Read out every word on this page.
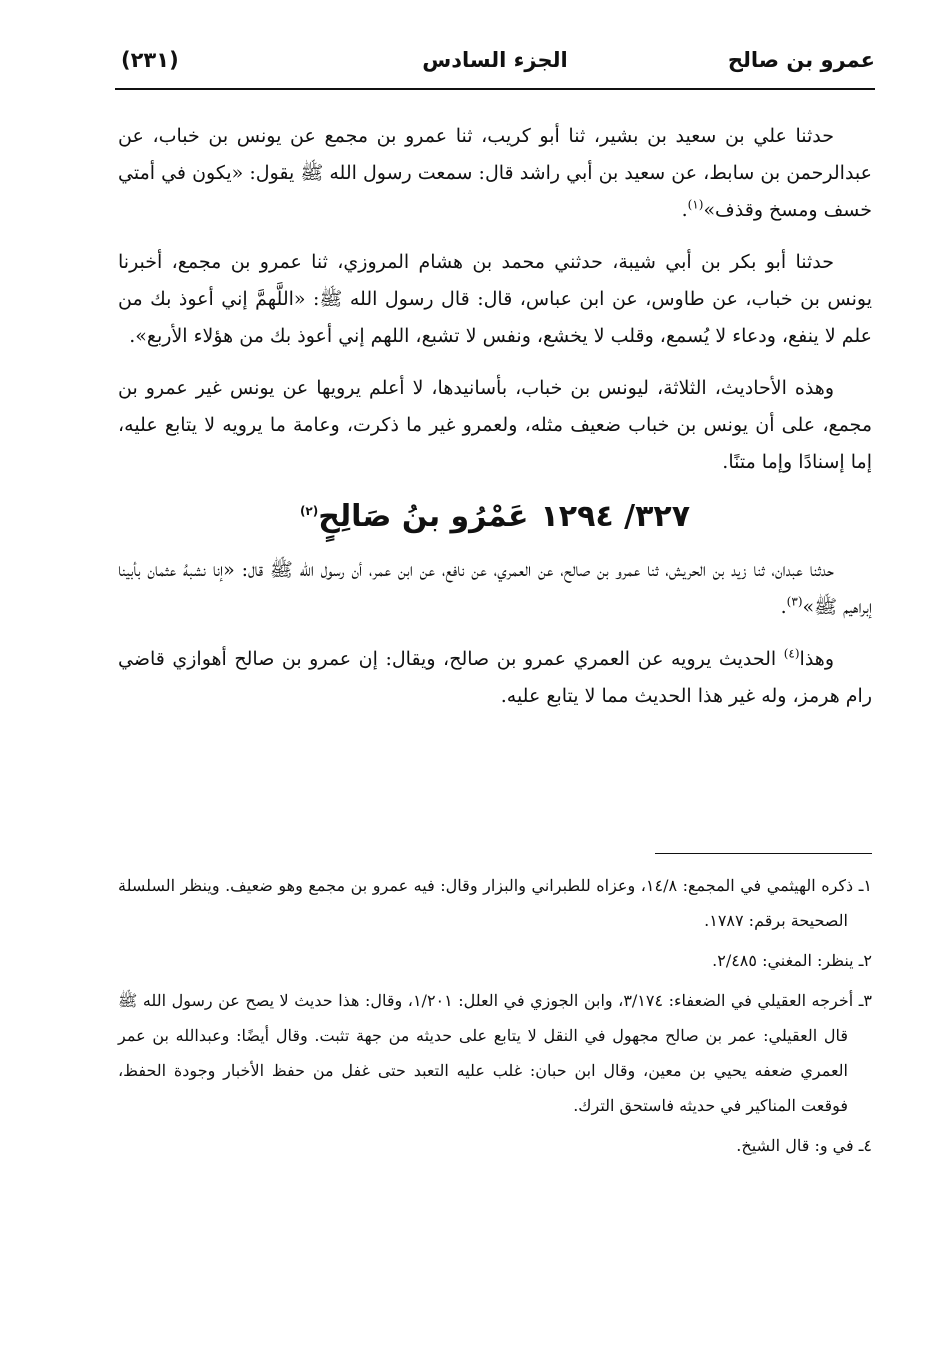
(٢٣١)	الجزء السادس	عمرو بن صالح

حدثنا علي بن سعيد بن بشير، ثنا أبو كريب، ثنا عمرو بن مجمع عن يونس بن خباب، عن عبدالرحمن بن سابط، عن سعيد بن أبي راشد قال: سمعت رسول الله ﷺ يقول: «يكون في أمتي خسف ومسخ وقذف»$^{(١)}$.

حدثنا أبو بكر بن أبي شيبة، حدثني محمد بن هشام المروزي، ثنا عمرو بن مجمع، أخبرنا يونس بن خباب، عن طاوس، عن ابن عباس، قال: قال رسول الله ﷺ: «اللَّهمَّ إني أعوذ بك من علم لا ينفع، ودعاء لا يُسمع، وقلب لا يخشع، ونفس لا تشبع، اللهم إني أعوذ بك من هؤلاء الأربع».

وهذه الأحاديث، الثلاثة، ليونس بن خباب، بأسانيدها، لا أعلم يرويها عن يونس غير عمرو بن مجمع، على أن يونس بن خباب ضعيف مثله، ولعمرو غير ما ذكرت، وعامة ما يرويه لا يتابع عليه، إما إسنادًا وإما متنًا.

٣٢٧/ ١٢٩٤عَمْرُو بنُ صَالِحٍ$^{(٢)}$

حدثنا عبدان، ثنا زيد بن الحريش، ثنا عمرو بن صالح، عن العمري، عن نافع، عن ابن عمر، أن رسول الله ﷺ قال: «إنا نشبهُ عثمان بأبينا إبراهيم ﷺ»$^{(٣)}$.

وهذا$^{(٤)}$ الحديث يرويه عن العمري عمرو بن صالح، ويقال: إن عمرو بن صالح أهوازي قاضي رام هرمز، وله غير هذا الحديث مما لا يتابع عليه.

١ـ ذكره الهيثمي في المجمع: ١٤/٨، وعزاه للطبراني والبزار وقال: فيه عمرو بن مجمع وهو ضعيف. وينظر السلسلة الصحيحة برقم: ١٧٨٧.

٢ـ ينظر: المغني: ٢/٤٨٥.

٣ـ أخرجه العقيلي في الضعفاء: ٣/١٧٤، وابن الجوزي في العلل: ١/٢٠١، وقال: هذا حديث لا يصح عن رسول الله ﷺ قال العقيلي: عمر بن صالح مجهول في النقل لا يتابع على حديثه من جهة تثبت. وقال أيضًا: وعبدالله بن عمر العمري ضعفه يحيي بن معين، وقال ابن حبان: غلب عليه التعبد حتى غفل من حفظ الأخبار وجودة الحفظ، فوقعت المناكير في حديثه فاستحق الترك.

٤ـ في و: قال الشيخ.
